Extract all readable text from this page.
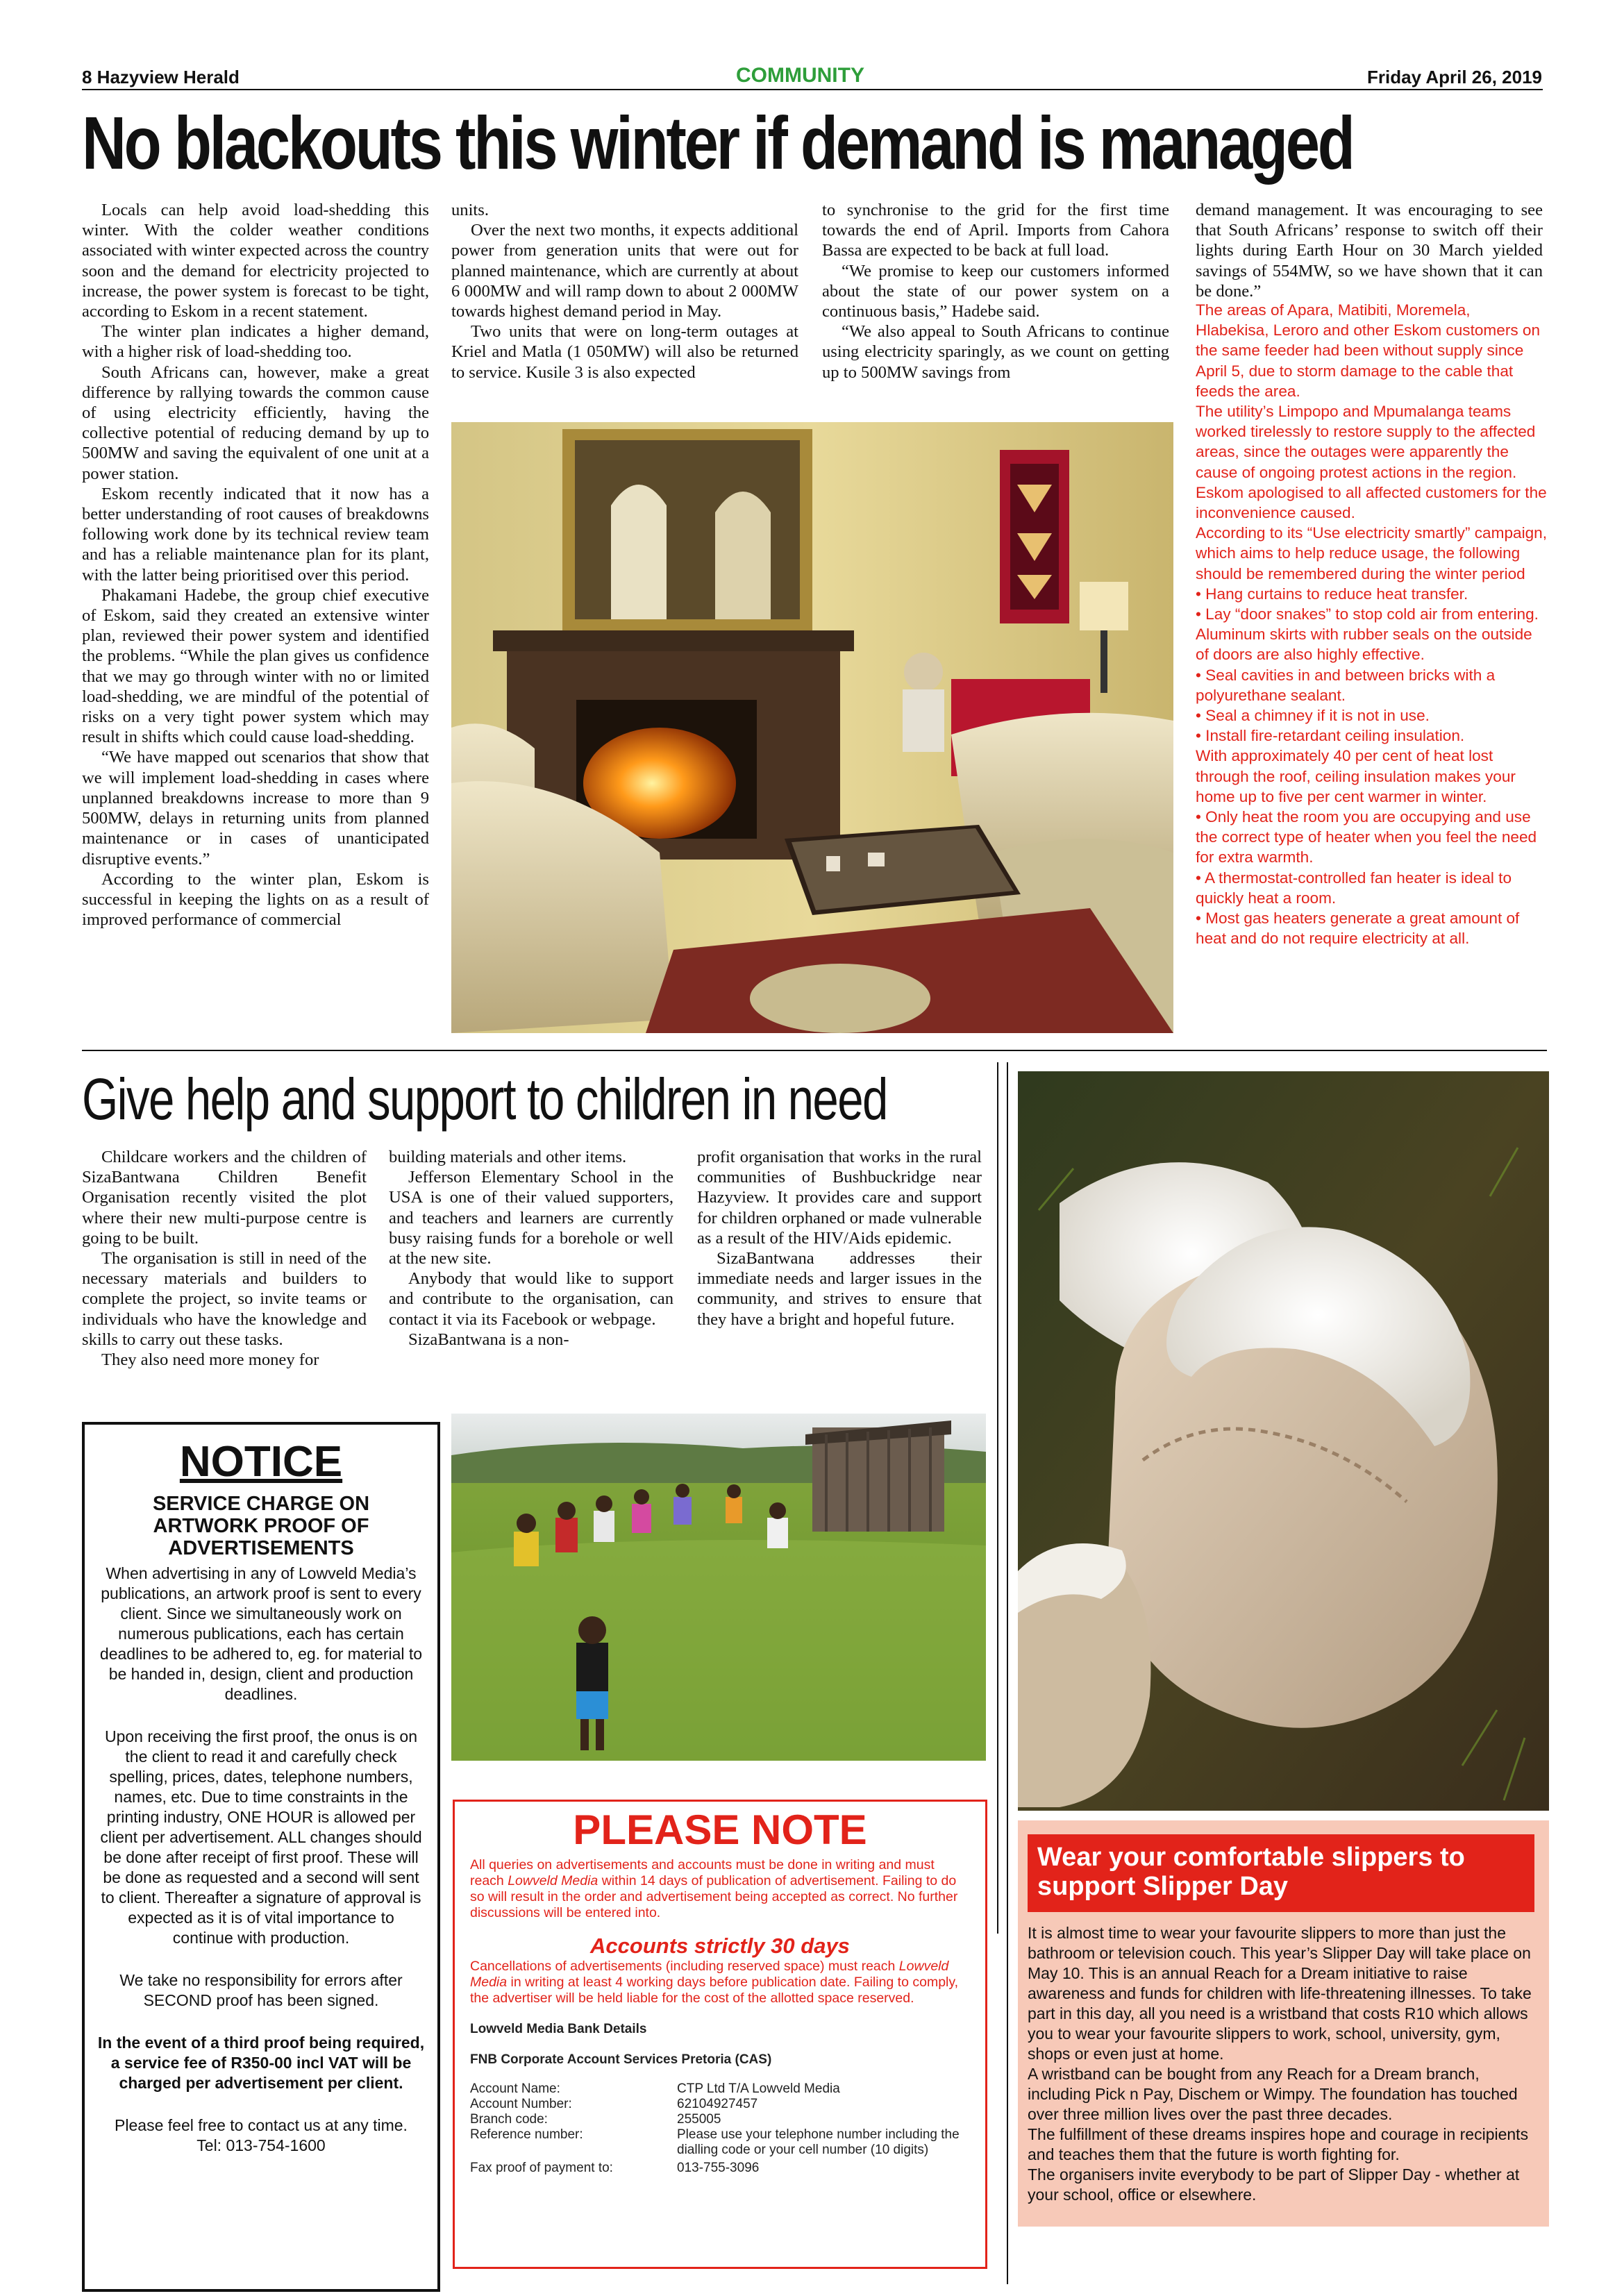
8 Hazyview Herald	COMMUNITY	Friday April 26, 2019
No blackouts this winter if demand is managed

Locals can help avoid load-shedding this winter. With the colder weather conditions associated with winter expected across the country soon and the demand for electricity projected to increase, the power system is forecast to be tight, according to Eskom in a recent statement.

The winter plan indicates a higher demand, with a higher risk of load-shedding too.

South Africans can, however, make a great difference by rallying towards the common cause of using electricity efficiently, having the collective potential of reducing demand by up to 500MW and saving the equivalent of one unit at a power station.

Eskom recently indicated that it now has a better understanding of root causes of breakdowns following work done by its technical review team and has a reliable maintenance plan for its plant, with the latter being prioritised over this period.

Phakamani Hadebe, the group chief executive of Eskom, said they created an extensive winter plan, reviewed their power system and identified the problems. “While the plan gives us confidence that we may go through winter with no or limited load-shedding, we are mindful of the potential of risks on a very tight power system which may result in shifts which could cause load-shedding.

“We have mapped out scenarios that show that we will implement load-shedding in cases where unplanned breakdowns increase to more than 9 500MW, delays in returning units from planned maintenance or in cases of unanticipated disruptive events.”

According to the winter plan, Eskom is successful in keeping the lights on as a result of improved performance of commercial

units.

Over the next two months, it expects additional power from generation units that were out for planned maintenance, which are currently at about 6 000MW and will ramp down to about 2 000MW towards highest demand period in May.

Two units that were on long-term outages at Kriel and Matla (1 050MW) will also be returned to service. Kusile 3 is also expected

to synchronise to the grid for the first time towards the end of April. Imports from Cahora Bassa are expected to be back at full load.

“We promise to keep our customers informed about the state of our power system on a continuous basis,” Hadebe said.

“We also appeal to South Africans to continue using electricity sparingly, as we count on getting up to 500MW savings from

demand management. It was encouraging to see that South Africans’ response to switch off their lights during Earth Hour on 30 March yielded savings of 554MW, so we have shown that it can be done.”

The areas of Apara, Matibiti, Moremela, Hlabekisa, Leroro and other Eskom customers on the same feeder had been without supply since April 5, due to storm damage to the cable that feeds the area.

The utility’s Limpopo and Mpumalanga teams worked tirelessly to restore supply to the affected areas, since the outages were apparently the cause of ongoing protest actions in the region.

Eskom apologised to all affected customers for the inconvenience caused.

According to its “Use electricity smartly” campaign, which aims to help reduce usage, the following should be remembered during the winter period

• Hang curtains to reduce heat transfer.

• Lay “door snakes” to stop cold air from entering. Aluminum skirts with rubber seals on the outside of doors are also highly effective.

• Seal cavities in and between bricks with a polyurethane sealant.

• Seal a chimney if it is not in use.

• Install fire-retardant ceiling insulation.

With approximately 40 per cent of heat lost through the roof, ceiling insulation makes your home up to five per cent warmer in winter.

• Only heat the room you are occupying and use the correct type of heater when you feel the need for extra warmth.

• A thermostat-controlled fan heater is ideal to quickly heat a room.

• Most gas heaters generate a great amount of heat and do not require electricity at all.

Give help and support to children in need

Childcare workers and the children of SizaBantwana Children Benefit Organisation recently visited the plot where their new multi-purpose centre is going to be built.

The organisation is still in need of the necessary materials and builders to complete the project, so invite teams or individuals who have the knowledge and skills to carry out these tasks.

They also need more money for

building materials and other items.

Jefferson Elementary School in the USA is one of their valued supporters, and teachers and learners are currently busy raising funds for a borehole or well at the new site.

Anybody that would like to support and contribute to the organisation, can contact it via its Facebook or webpage.

SizaBantwana is a non-

profit organisation that works in the rural communities of Bushbuckridge near Hazyview. It provides care and support for children orphaned or made vulnerable as a result of the HIV/Aids epidemic.

SizaBantwana addresses their immediate needs and larger issues in the community, and strives to ensure that they have a bright and hopeful future.

NOTICE
SERVICE CHARGE ON ARTWORK PROOF OF ADVERTISEMENTS

When advertising in any of Lowveld Media’s publications, an artwork proof is sent to every client. Since we simultaneously work on numerous publications, each has certain deadlines to be adhered to, eg. for material to be handed in, design, client and production deadlines.

Upon receiving the first proof, the onus is on the client to read it and carefully check spelling, prices, dates, telephone numbers, names, etc. Due to time constraints in the printing industry, ONE HOUR is allowed per client per advertisement. ALL changes should be done after receipt of first proof. These will be done as requested and a second will sent to client. Thereafter a signature of approval is expected as it is of vital importance to continue with production.

We take no responsibility for errors after SECOND proof has been signed.

In the event of a third proof being required, a service fee of R350-00 incl VAT will be charged per advertisement per client.

Please feel free to contact us at any time.

Tel: 013-754-1600

PLEASE NOTE

All queries on advertisements and accounts must be done in writing and must reach Lowveld Media within 14 days of publication of advertisement. Failing to do so will result in the order and advertisement being accepted as correct. No further discussions will be entered into.

Accounts strictly 30 days

Cancellations of advertisements (including reserved space) must reach Lowveld Media in writing at least 4 working days before publication date. Failing to comply, the advertiser will be held liable for the cost of the allotted space reserved.

Lowveld Media Bank Details
FNB Corporate Account Services Pretoria (CAS)
Account Name:	CTP Ltd T/A Lowveld Media
Account Number:	62104927457
Branch code:	255005
Reference number:	Please use your telephone number including the dialling code or your cell number (10 digits)
Fax proof of payment to:	013-755-3096
Wear your comfortable slippers to support Slipper Day

It is almost time to wear your favourite slippers to more than just the bathroom or television couch. This year’s Slipper Day will take place on May 10. This is an annual Reach for a Dream initiative to raise awareness and funds for children with life-threatening illnesses. To take part in this day, all you need is a wristband that costs R10 which allows you to wear your favourite slippers to work, school, university, gym, shops or even just at home.

A wristband can be bought from any Reach for a Dream branch, including Pick n Pay, Dischem or Wimpy. The foundation has touched over three million lives over the past three decades.

The fulfillment of these dreams inspires hope and courage in recipients and teaches them that the future is worth fighting for.

The organisers invite everybody to be part of Slipper Day - whether at your school, office or elsewhere.
